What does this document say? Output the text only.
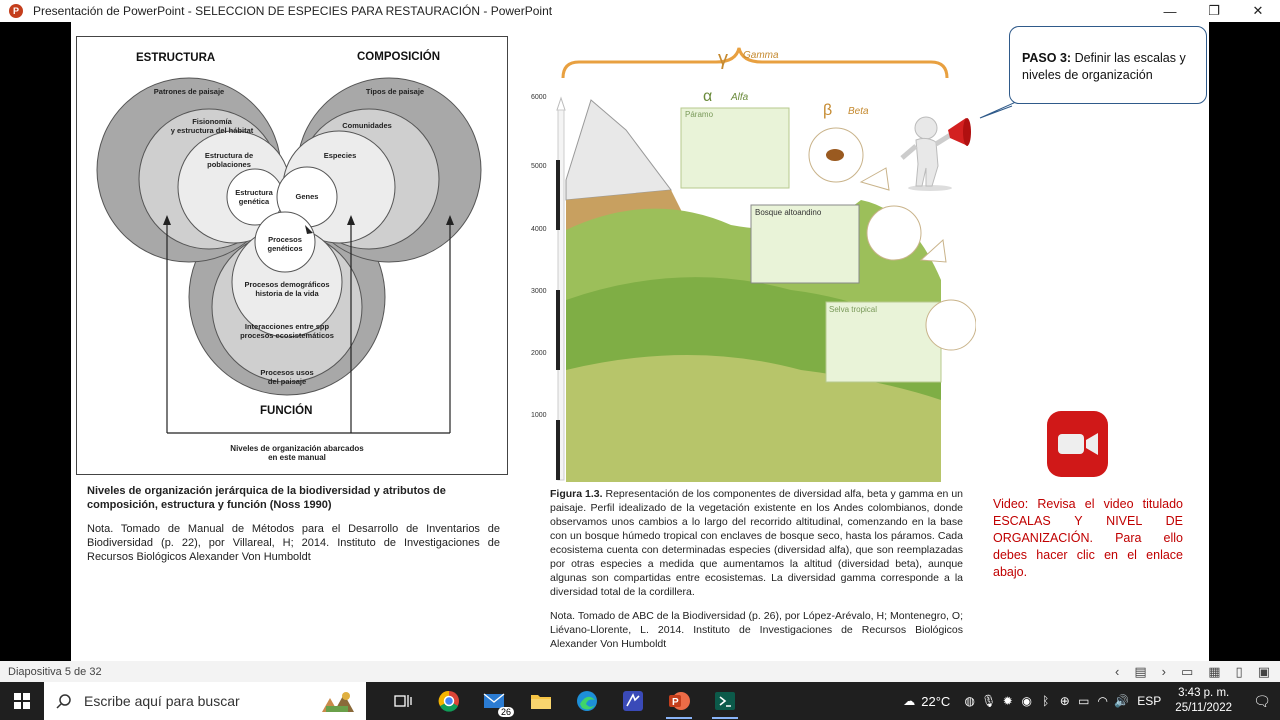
P	Presentación de PowerPoint - SELECCION DE ESPECIES PARA RESTAURACIÓN - PowerPoint	—	❐	✕
ESTRUCTURA	COMPOSICIÓN
FUNCIÓN
Patrones de paisaje	Tipos de paisaje
Fisionomía
y estructura del hábitat
Comunidades
Estructura de
poblaciones
Especies
Estructura
genética
Genes
Procesos
genéticos
Procesos demográficos
historia de la vida
Interacciones entre spp
procesos ecosistemáticos
Procesos usos
del paisaje
Niveles de organización abarcados
en este manual
Niveles de organización jerárquica de la biodiversidad y atributos de composición, estructura y función (Noss 1990)
Nota. Tomado de Manual de Métodos para el Desarrollo de Inventarios de Biodiversidad (p. 22), por Villareal, H; 2014. Instituto de Investigaciones de Recursos Biológicos Alexander Von Humboldt
γ Gamma
α Alfa
β Beta
Páramo
Bosque altoandino
Selva tropical
6000
5000
4000
3000
2000
1000
Figura 1.3. Representación de los componentes de diversidad alfa, beta y gamma en un paisaje. Perfil idealizado de la vegetación existente en los Andes colombianos, donde observamos unos cambios a lo largo del recorrido altitudinal, comenzando en la base con un bosque húmedo tropical con enclaves de bosque seco, hasta los páramos. Cada ecosistema cuenta con determinadas especies (diversidad alfa), que son reemplazadas por otras especies a medida que aumentamos la altitud (diversidad beta), aunque algunas son compartidas entre ecosistemas. La diversidad gamma corresponde a la diversidad total de la cordillera.
Nota. Tomado de ABC de la Biodiversidad (p. 26), por López-Arévalo, H; Montenegro, O; Liévano-Llorente, L. 2014. Instituto de Investigaciones de Recursos Biológicos Alexander Von Humboldt
PASO 3: Definir las escalas y niveles de organización
Video: Revisa el video titulado ESCALAS Y NIVEL DE ORGANIZACIÓN. Para ello debes hacer clic en el enlace abajo.
Diapositiva 5 de 32	‹ ▤ › ▭ ▦ ▯ ▣
Escribe aquí para buscar
26
P	☁ 22°C	◍ 🎙 ✹ ◉ ᛒ ⊕ ▭ ◠ 🔊 ESP
3:43 p. m.
25/11/2022	🗨
